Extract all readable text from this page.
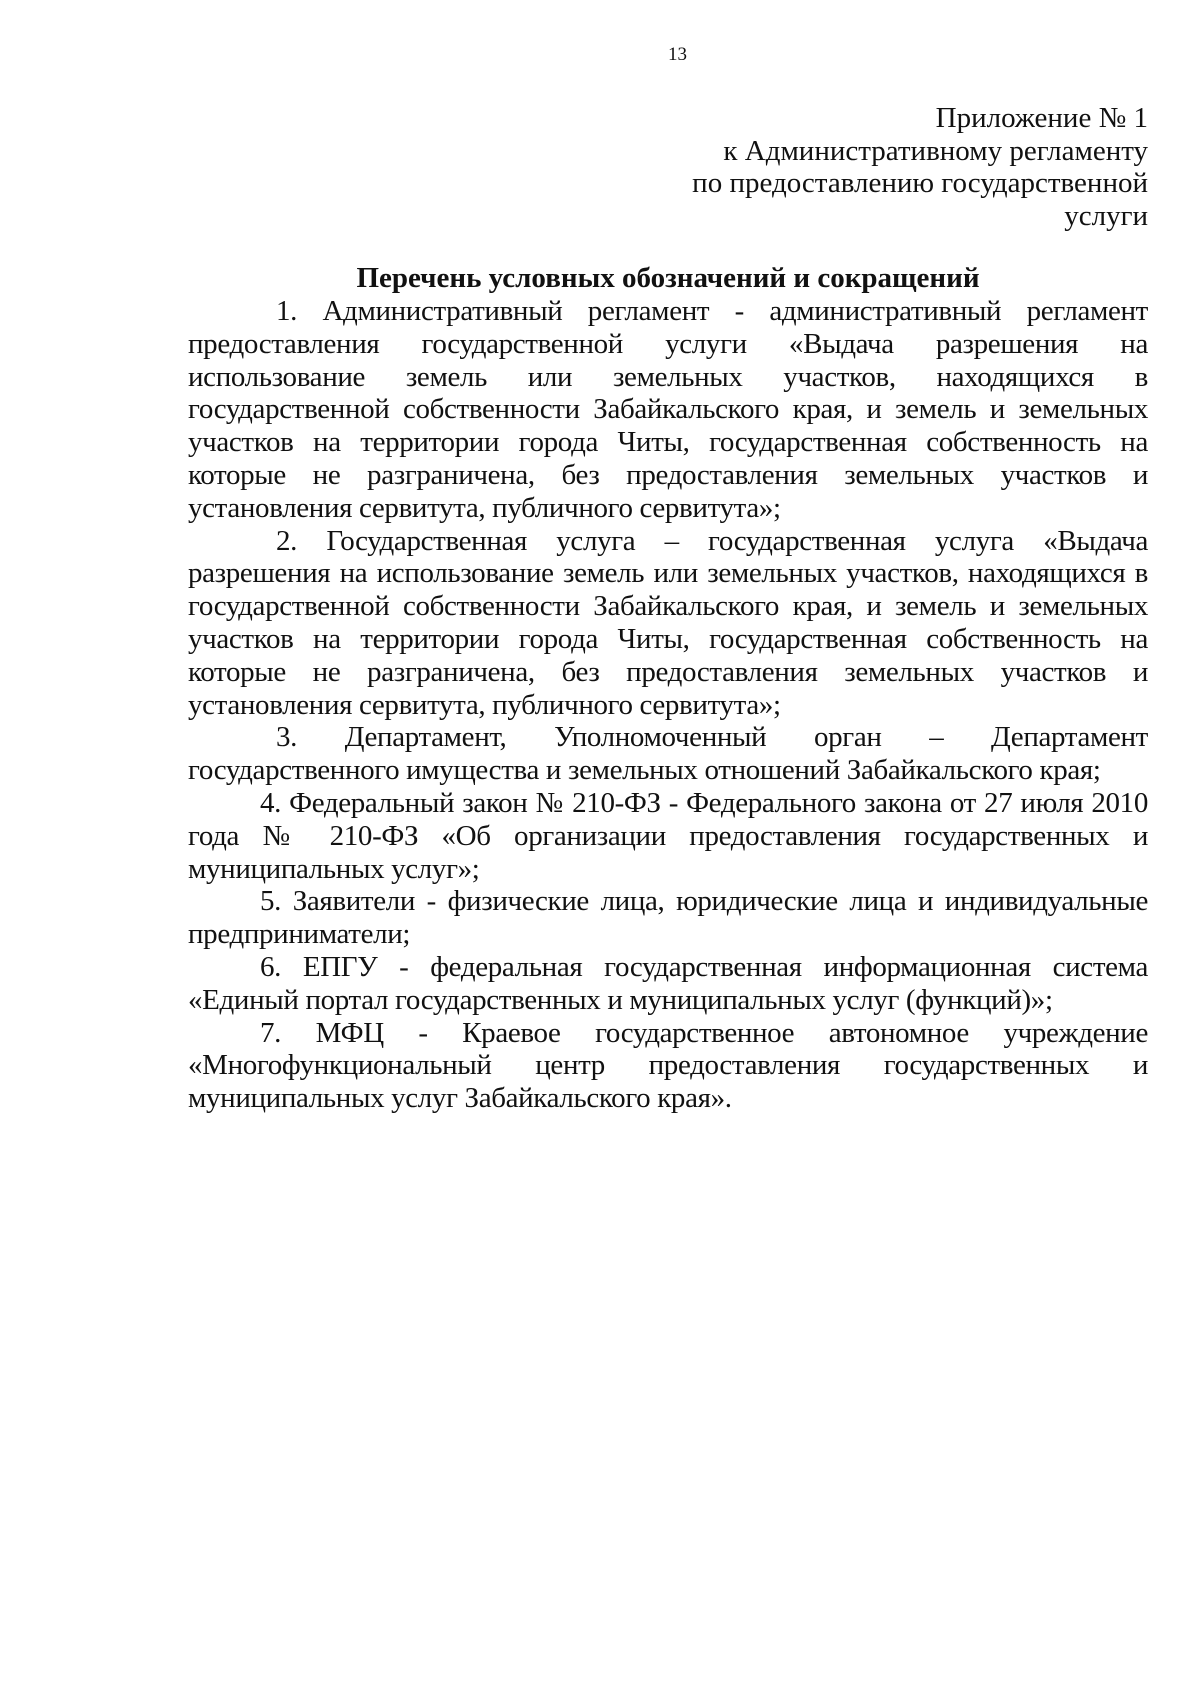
13
Приложение № 1
к Административному регламенту
по предоставлению государственной
услуги
Перечень условных обозначений и сокращений

1. Административный регламент - административный регламент предоставления государственной услуги «Выдача разрешения на использование земель или земельных участков, находящихся в государственной собственности Забайкальского края, и земель и земельных участков на территории города Читы, государственная собственность на которые не разграничена, без предоставления земельных участков и установления сервитута, публичного сервитута»;

2. Государственная услуга – государственная услуга «Выдача разрешения на использование земель или земельных участков, находящихся в государственной собственности Забайкальского края, и земель и земельных участков на территории города Читы, государственная собственность на которые не разграничена, без предоставления земельных участков и установления сервитута, публичного сервитута»;

3. Департамент, Уполномоченный орган – Департамент государственного имущества и земельных отношений Забайкальского края;

4. Федеральный закон № 210-ФЗ - Федерального закона от 27 июля 2010 года № 210-ФЗ «Об организации предоставления государственных и муниципальных услуг»;

5. Заявители - физические лица, юридические лица и индивидуальные предприниматели;

6. ЕПГУ - федеральная государственная информационная система «Единый портал государственных и муниципальных услуг (функций)»;

7. МФЦ - Краевое государственное автономное учреждение «Многофункциональный центр предоставления государственных и муниципальных услуг Забайкальского края».
